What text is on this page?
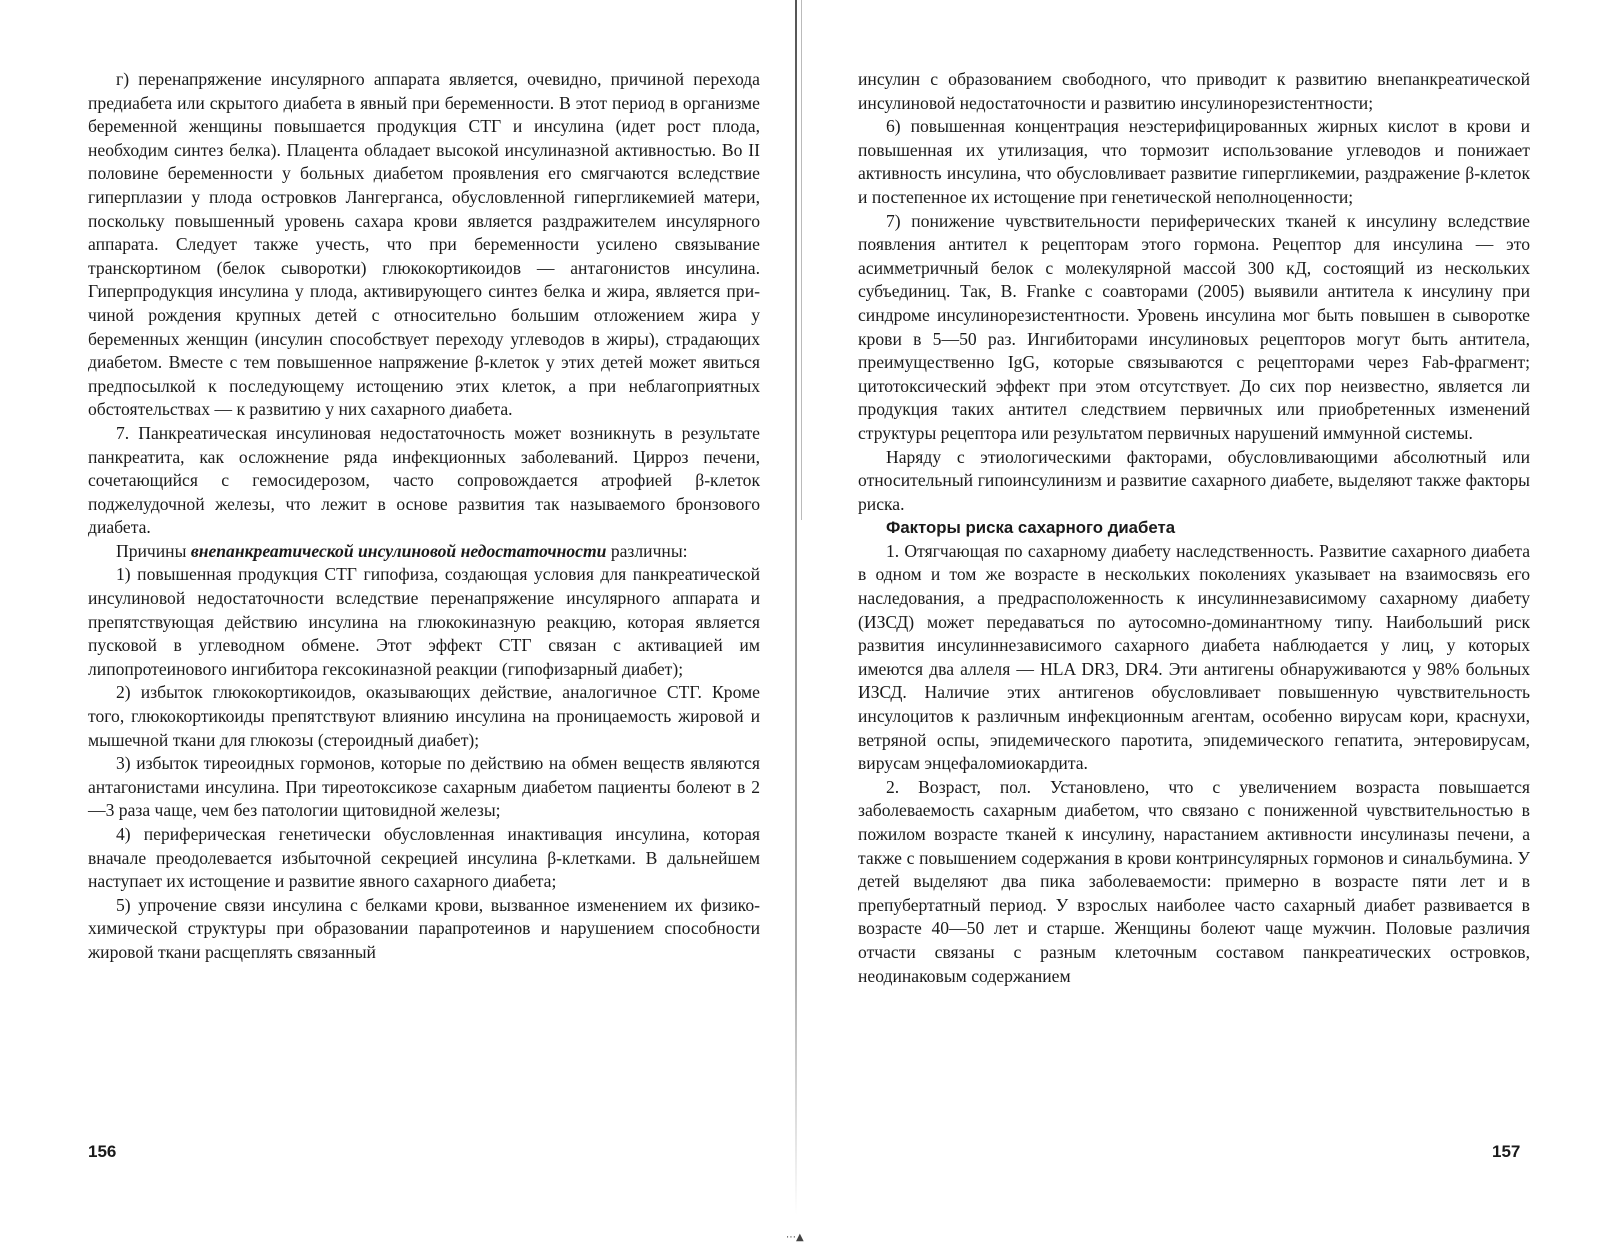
г) перенапряжение инсулярного аппарата является, очевидно, причиной перехода предиабета или скрытого диабета в явный при беременности. В этот период в организме беременной женщины повышается продукция СТГ и инсулина (идет рост плода, необходим синтез белка). Плацента обладает высокой инсулиназной активностью. Во II половине беременности у больных диабетом проявления его смягчаются вследствие гиперплазии у плода островков Лангерганса, обусловленной гипергликемией матери, поскольку повышенный уровень сахара крови является раздражителем инсулярного аппарата. Следует также учесть, что при беременности усилено связывание транскортином (белок сыворотки) глюкокортикоидов — антагонистов инсулина. Гиперпродукция инсулина у плода, активирующего синтез белка и жира, является причиной рождения крупных детей с относительно большим отложением жира у беременных женщин (инсулин способствует переходу углеводов в жиры), страдающих диабетом. Вместе с тем повышенное напряжение β-клеток у этих детей может явиться предпосылкой к последующему истощению этих клеток, а при неблагоприятных обстоятельствах — к развитию у них сахарного диабета.

7. Панкреатическая инсулиновая недостаточность может возникнуть в результате панкреатита, как осложнение ряда инфекционных заболеваний. Цирроз печени, сочетающийся с гемосидерозом, часто сопровождается атрофией β-клеток поджелудочной железы, что лежит в основе развития так называемого бронзового диабета.

Причины внепанкреатической инсулиновой недостаточности различны:

1) повышенная продукция СТГ гипофиза, создающая условия для панкреатической инсулиновой недостаточности вследствие перенапряжение инсулярного аппарата и препятствующая действию инсулина на глюкокиназную реакцию, которая является пусковой в углеводном обмене. Этот эффект СТГ связан с активацией им липопротеинового ингибитора гексокиназной реакции (гипофизарный диабет);

2) избыток глюкокортикоидов, оказывающих действие, аналогичное СТГ. Кроме того, глюкокортикоиды препятствуют влиянию инсулина на проницаемость жировой и мышечной ткани для глюкозы (стероидный диабет);

3) избыток тиреоидных гормонов, которые по действию на обмен веществ являются антагонистами инсулина. При тиреотоксикозе сахарным диабетом пациенты болеют в 2—3 раза чаще, чем без патологии щитовидной железы;

4) периферическая генетически обусловленная инактивация инсулина, которая вначале преодолевается избыточной секрецией инсулина β-клетками. В дальнейшем наступает их истощение и развитие явного сахарного диабета;

5) упрочение связи инсулина с белками крови, вызванное изменением их физико-химической структуры при образовании парапротеинов и нарушением способности жировой ткани расщеплять связанный

156

инсулин с образованием свободного, что приводит к развитию внепанкреатической инсулиновой недостаточности и развитию инсулинорезистентности;

6) повышенная концентрация неэстерифицированных жирных кислот в крови и повышенная их утилизация, что тормозит использование углеводов и понижает активность инсулина, что обусловливает развитие гипергликемии, раздражение β-клеток и постепенное их истощение при генетической неполноценности;

7) понижение чувствительности периферических тканей к инсулину вследствие появления антител к рецепторам этого гормона. Рецептор для инсулина — это асимметричный белок с молекулярной массой 300 кД, состоящий из нескольких субъединиц. Так, B. Franke с соавторами (2005) выявили антитела к инсулину при синдроме инсулинорезистентности. Уровень инсулина мог быть повышен в сыворотке крови в 5—50 раз. Ингибиторами инсулиновых рецепторов могут быть антитела, преимущественно IgG, которые связываются с рецепторами через Fab-фрагмент; цитотоксический эффект при этом отсутствует. До сих пор неизвестно, является ли продукция таких антител следствием первичных или приобретенных изменений структуры рецептора или результатом первичных нарушений иммунной системы.

Наряду с этиологическими факторами, обусловливающими абсолютный или относительный гипоинсулинизм и развитие сахарного диабете, выделяют также факторы риска.

Факторы риска сахарного диабета

1. Отягчающая по сахарному диабету наследственность. Развитие сахарного диабета в одном и том же возрасте в нескольких поколениях указывает на взаимосвязь его наследования, а предрасположенность к инсулиннезависимому сахарному диабету (ИЗСД) может передаваться по аутосомно-доминантному типу. Наибольший риск развития инсулиннезависимого сахарного диабета наблюдается у лиц, у которых имеются два аллеля — HLA DR3, DR4. Эти антигены обнаруживаются у 98% больных ИЗСД. Наличие этих антигенов обусловливает повышенную чувствительность инсулоцитов к различным инфекционным агентам, особенно вирусам кори, краснухи, ветряной оспы, эпидемического паротита, эпидемического гепатита, энтеровирусам, вирусам энцефаломиокардита.

2. Возраст, пол. Установлено, что с увеличением возраста повышается заболеваемость сахарным диабетом, что связано с пониженной чувствительностью в пожилом возрасте тканей к инсулину, нарастанием активности инсулиназы печени, а также с повышением содержания в крови контринсулярных гормонов и синальбумина. У детей выделяют два пика заболеваемости: примерно в возрасте пяти лет и в препубертатный период. У взрослых наиболее часто сахарный диабет развивается в возрасте 40—50 лет и старше. Женщины болеют чаще мужчин. Половые различия отчасти связаны с разным клеточным составом панкреатических островков, неодинаковым содержанием

157
⋯▲
